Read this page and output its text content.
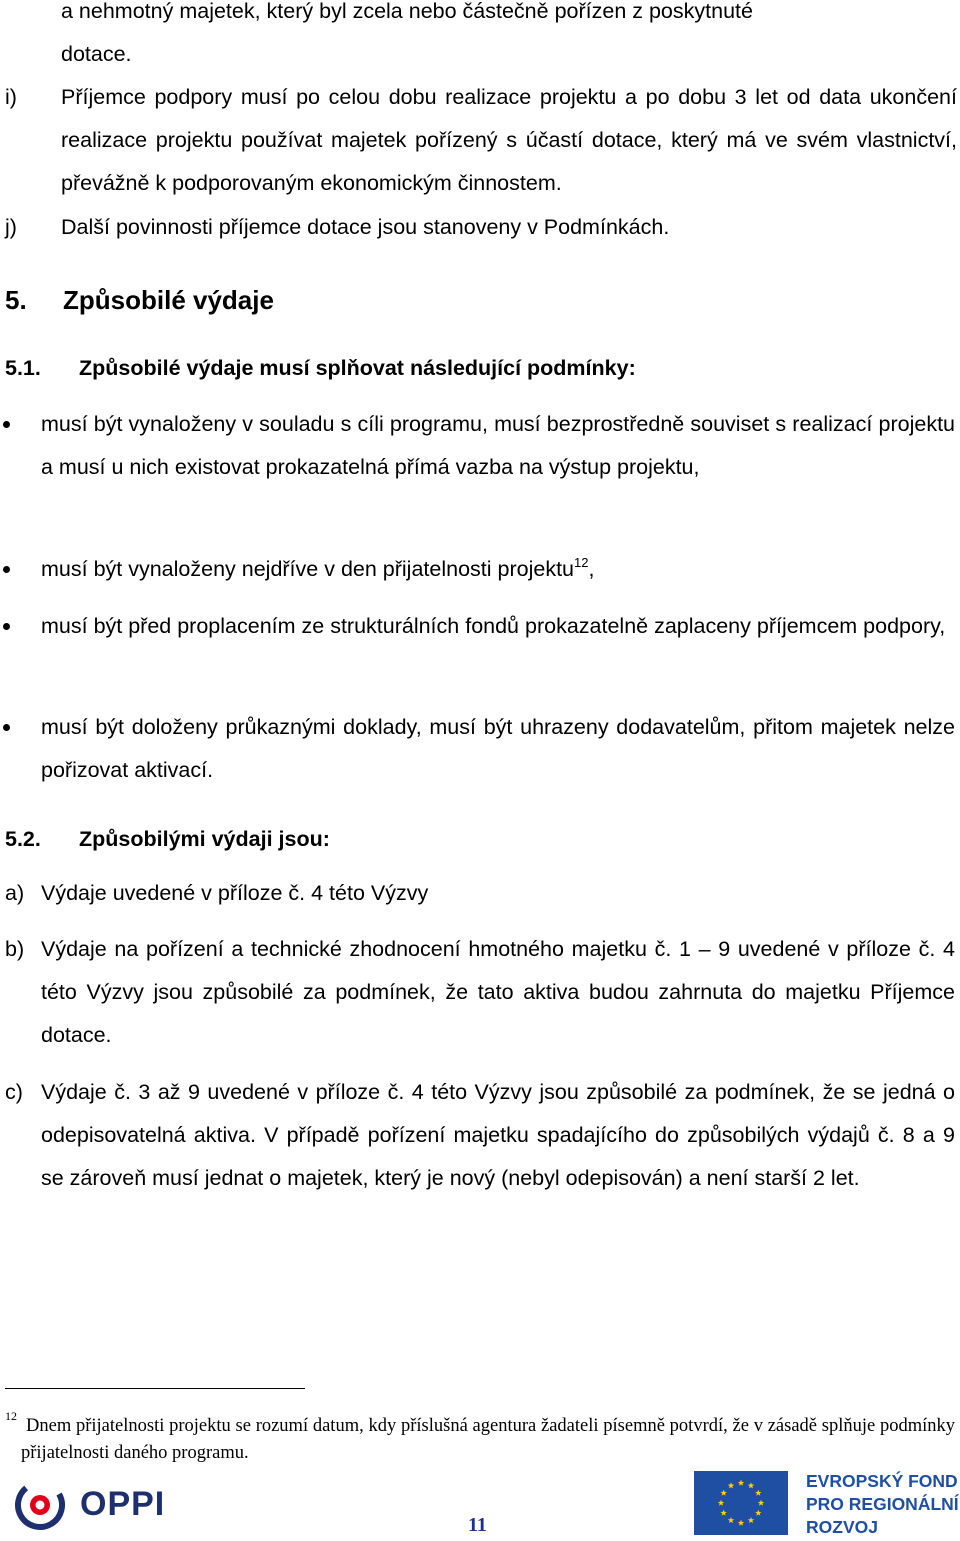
a nehmotný majetek, který byl zcela nebo částečně pořízen z poskytnuté
dotace.
i) Příjemce podpory musí po celou dobu realizace projektu a po dobu 3 let od data ukončení realizace projektu používat majetek pořízený s účastí dotace, který má ve svém vlastnictví, převážně k podporovaným ekonomickým činnostem.
j) Další povinnosti příjemce dotace jsou stanoveny v Podmínkách.
5. Způsobilé výdaje
5.1. Způsobilé výdaje musí splňovat následující podmínky:
musí být vynaloženy v souladu s cíli programu, musí bezprostředně souviset s realizací projektu a musí u nich existovat prokazatelná přímá vazba na výstup projektu,
musí být vynaloženy nejdříve v den přijatelnosti projektu$^{12}$,
musí být před proplacením ze strukturálních fondů prokazatelně zaplaceny příjemcem podpory,
musí být doloženy průkaznými doklady, musí být uhrazeny dodavatelům, přitom majetek nelze pořizovat aktivací.
5.2. Způsobilými výdaji jsou:
a) Výdaje uvedené v příloze č. 4 této Výzvy
b) Výdaje na pořízení a technické zhodnocení hmotného majetku č. 1 – 9 uvedené v příloze č. 4 této Výzvy jsou způsobilé za podmínek, že tato aktiva budou zahrnuta do majetku Příjemce dotace.
c) Výdaje č. 3 až 9 uvedené v příloze č. 4 této Výzvy jsou způsobilé za podmínek, že se jedná o odepisovatelná aktiva. V případě pořízení majetku spadajícího do způsobilých výdajů č. 8 a 9 se zároveň musí jednat o majetek, který je nový (nebyl odepisován) a není starší 2 let.
12 Dnem přijatelnosti projektu se rozumí datum, kdy příslušná agentura žadateli písemně potvrdí, že v zásadě splňuje podmínky přijatelnosti daného programu.
OPPI
11
EVROPSKÝ FOND
PRO REGIONÁLNÍ
ROZVOJ
